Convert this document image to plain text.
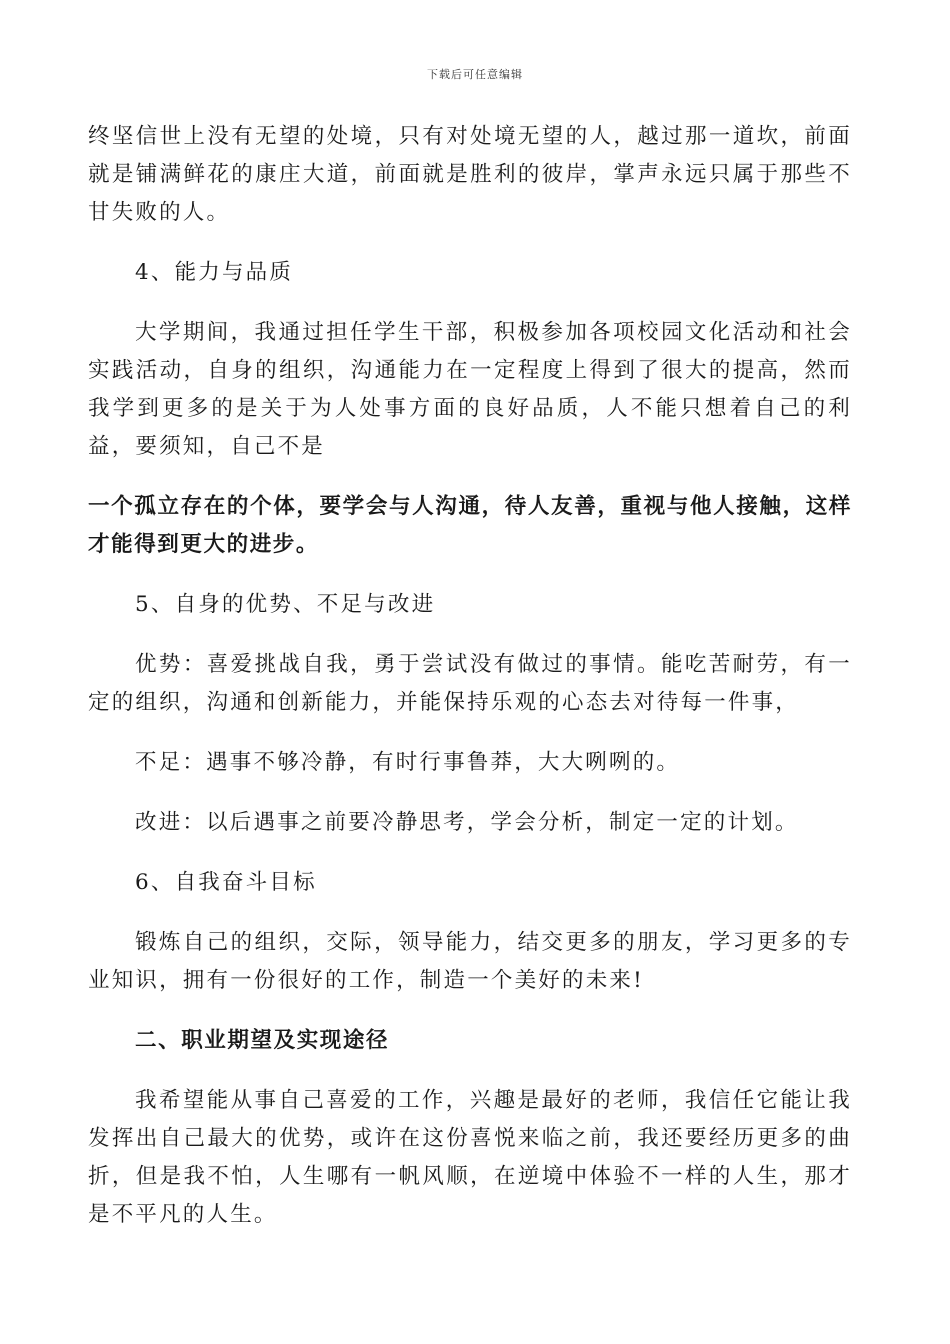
下载后可任意编辑

终坚信世上没有无望的处境，只有对处境无望的人，越过那一道坎，前面就是铺满鲜花的康庄大道，前面就是胜利的彼岸，掌声永远只属于那些不甘失败的人。

4、能力与品质

大学期间，我通过担任学生干部，积极参加各项校园文化活动和社会实践活动，自身的组织，沟通能力在一定程度上得到了很大的提高，然而我学到更多的是关于为人处事方面的良好品质，人不能只想着自己的利益，要须知，自己不是

一个孤立存在的个体，要学会与人沟通，待人友善，重视与他人接触，这样才能得到更大的进步。

5、自身的优势、不足与改进

优势：喜爱挑战自我，勇于尝试没有做过的事情。能吃苦耐劳，有一定的组织，沟通和创新能力，并能保持乐观的心态去对待每一件事，

不足：遇事不够冷静，有时行事鲁莽，大大咧咧的。

改进：以后遇事之前要冷静思考，学会分析，制定一定的计划。

6、自我奋斗目标

锻炼自己的组织，交际，领导能力，结交更多的朋友，学习更多的专业知识，拥有一份很好的工作，制造一个美好的未来!

二、职业期望及实现途径

我希望能从事自己喜爱的工作，兴趣是最好的老师，我信任它能让我发挥出自己最大的优势，或许在这份喜悦来临之前，我还要经历更多的曲折，但是我不怕，人生哪有一帆风顺，在逆境中体验不一样的人生，那才是不平凡的人生。
